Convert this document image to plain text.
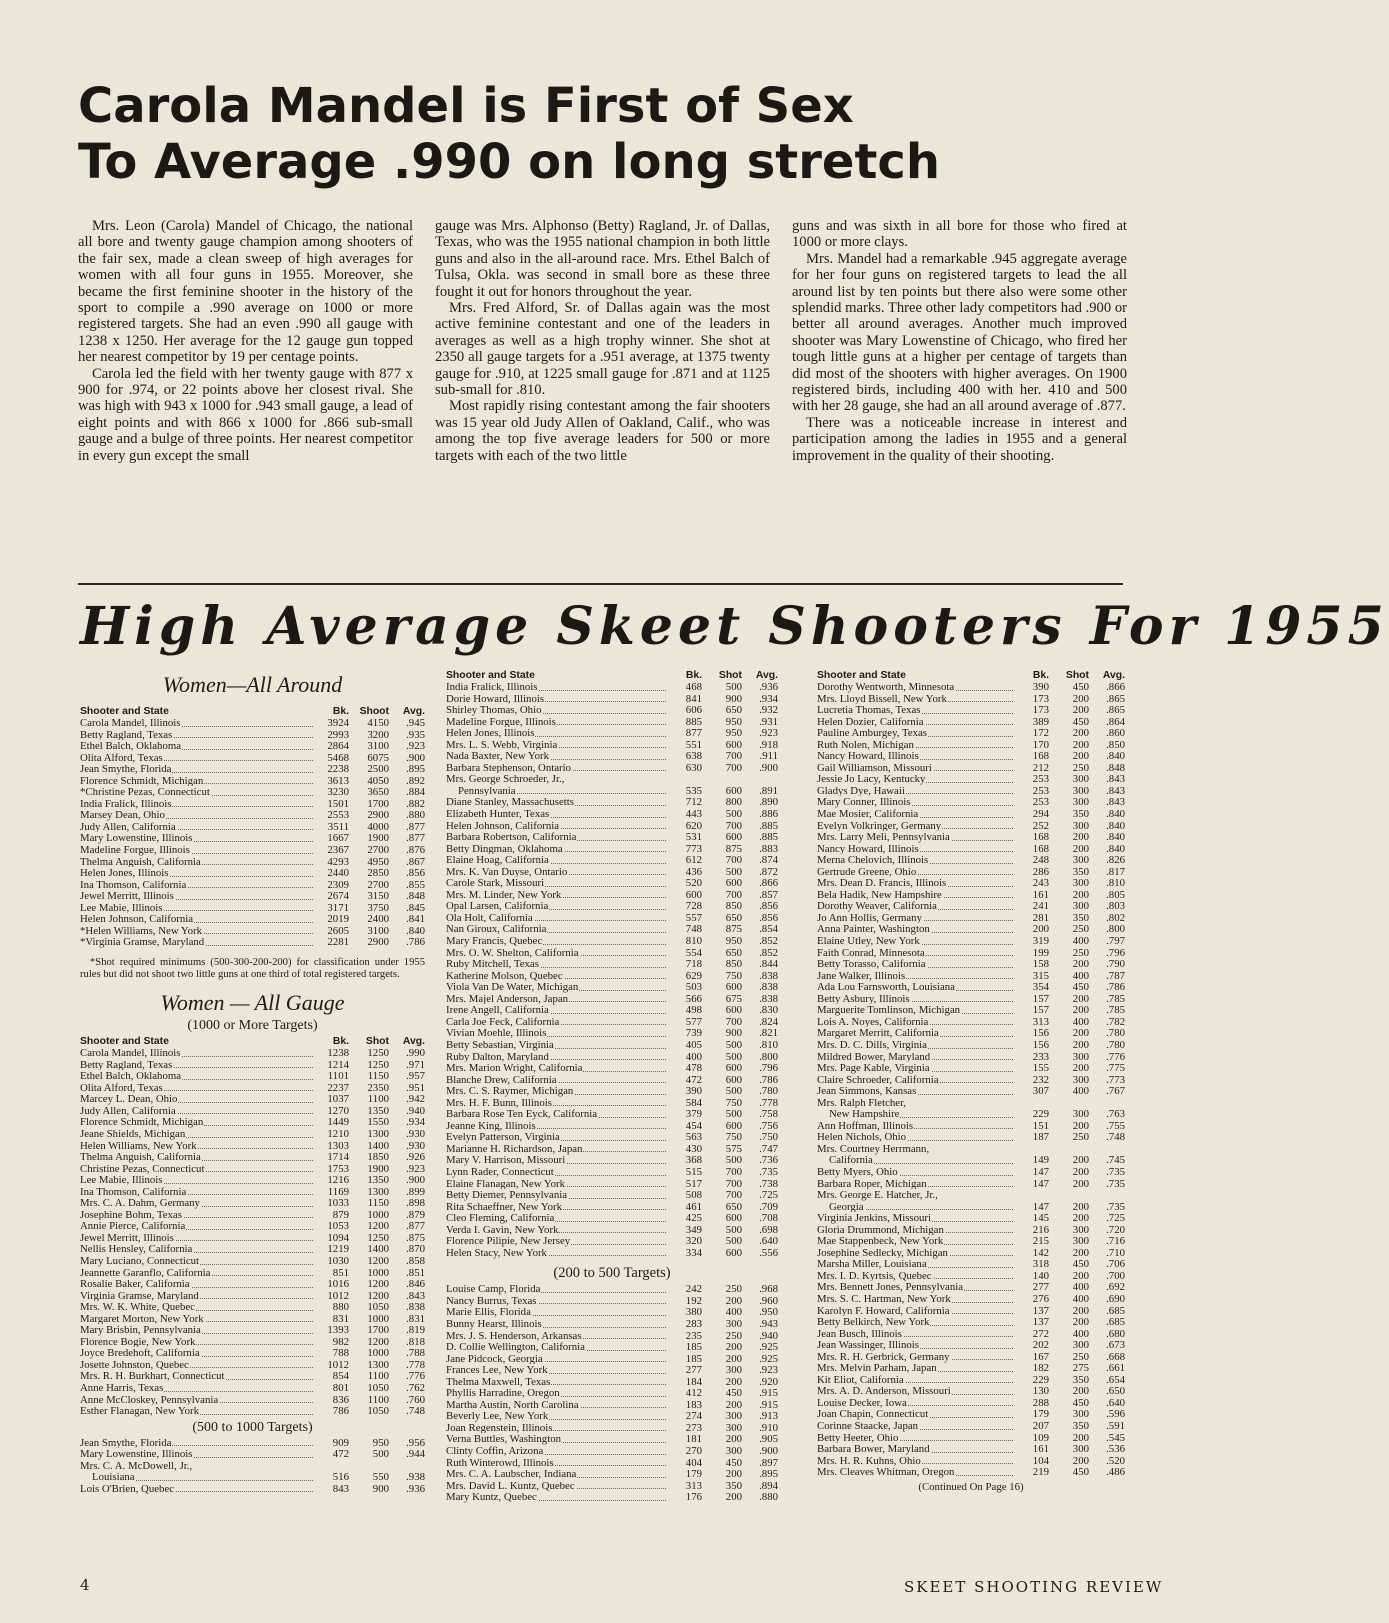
Carola Mandel is First of Sex
To Average .990 on long stretch

Mrs. Leon (Carola) Mandel of Chicago, the national all bore and twenty gauge champion among shooters of the fair sex, made a clean sweep of high averages for women with all four guns in 1955. Moreover, she became the first feminine shooter in the history of the sport to compile a .990 average on 1000 or more registered targets. She had an even .990 all gauge with 1238 x 1250. Her average for the 12 gauge gun topped her nearest competitor by 19 per centage points.

Carola led the field with her twenty gauge with 877 x 900 for .974, or 22 points above her closest rival. She was high with 943 x 1000 for .943 small gauge, a lead of eight points and with 866 x 1000 for .866 sub-small gauge and a bulge of three points. Her nearest competitor in every gun except the small

gauge was Mrs. Alphonso (Betty) Ragland, Jr. of Dallas, Texas, who was the 1955 national champion in both little guns and also in the all-around race. Mrs. Ethel Balch of Tulsa, Okla. was second in small bore as these three fought it out for honors throughout the year.

Mrs. Fred Alford, Sr. of Dallas again was the most active feminine contestant and one of the leaders in averages as well as a high trophy winner. She shot at 2350 all gauge targets for a .951 average, at 1375 twenty gauge for .910, at 1225 small gauge for .871 and at 1125 sub-small for .810.

Most rapidly rising contestant among the fair shooters was 15 year old Judy Allen of Oakland, Calif., who was among the top five average leaders for 500 or more targets with each of the two little

guns and was sixth in all bore for those who fired at 1000 or more clays.

Mrs. Mandel had a remarkable .945 aggregate average for her four guns on registered targets to lead the all around list by ten points but there also were some other splendid marks. Three other lady competitors had .900 or better all around averages. Another much improved shooter was Mary Lowenstine of Chicago, who fired her tough little guns at a higher per centage of targets than did most of the shooters with higher averages. On 1900 registered birds, including 400 with her. 410 and 500 with her 28 gauge, she had an all around average of .877.

There was a noticeable increase in interest and participation among the ladies in 1955 and a general improvement in the quality of their shooting.

High Average Skeet Shooters For 1955
Women—All Around
Shooter and State	Bk.	Shoot	Avg.
Carola Mandel, Illinois	3924	4150	.945
Betty Ragland, Texas	2993	3200	.935
Ethel Balch, Oklahoma	2864	3100	.923
Olita Alford, Texas	5468	6075	.900
Jean Smythe, Florida	2238	2500	.895
Florence Schmidt, Michigan	3613	4050	.892
*Christine Pezas, Connecticut	3230	3650	.884
India Fralick, Illinois	1501	1700	.882
Marsey Dean, Ohio	2553	2900	.880
Judy Allen, California	3511	4000	.877
Mary Lowenstine, Illinois	1667	1900	.877
Madeline Forgue, Illinois	2367	2700	.876
Thelma Anguish, California	4293	4950	.867
Helen Jones, Illinois	2440	2850	.856
Ina Thomson, California	2309	2700	.855
Jewel Merritt, Illinois	2674	3150	.848
Lee Mabie, Illinois	3171	3750	.845
Helen Johnson, California	2019	2400	.841
*Helen Williams, New York	2605	3100	.840
*Virginia Gramse, Maryland	2281	2900	.786
*Shot required minimums (500-300-200-200) for classification under 1955 rules but did not shoot two little guns at one third of total registered targets.
Women — All Gauge
(1000 or More Targets)
Shooter and State	Bk.	Shot	Avg.
Carola Mandel, Illinois	1238	1250	.990
Betty Ragland, Texas	1214	1250	.971
Ethel Balch, Oklahoma	1101	1150	.957
Olita Alford, Texas	2237	2350	.951
Marcey L. Dean, Ohio	1037	1100	.942
Judy Allen, California	1270	1350	.940
Florence Schmidt, Michigan	1449	1550	.934
Jeane Shields, Michigan	1210	1300	.930
Helen Williams, New York	1303	1400	.930
Thelma Anguish, California	1714	1850	.926
Christine Pezas, Connecticut	1753	1900	.923
Lee Mabie, Illinois	1216	1350	.900
Ina Thomson, California	1169	1300	.899
Mrs. C. A. Dahm, Germany	1033	1150	.898
Josephine Bohm, Texas	879	1000	.879
Annie Pierce, California	1053	1200	.877
Jewel Merritt, Illinois	1094	1250	.875
Nellis Hensley, California	1219	1400	.870
Mary Luciano, Connecticut	1030	1200	.858
Jeannette Garanflo, California	851	1000	.851
Rosalie Baker, California	1016	1200	.846
Virginia Gramse, Maryland	1012	1200	.843
Mrs. W. K. White, Quebec	880	1050	.838
Margaret Morton, New York	831	1000	.831
Mary Brisbin, Pennsylvania	1393	1700	.819
Florence Bogie, New York	982	1200	.818
Joyce Bredehoft, California	788	1000	.788
Josette Johnston, Quebec	1012	1300	.778
Mrs. R. H. Burkhart, Connecticut	854	1100	.776
Anne Harris, Texas	801	1050	.762
Anne McCloskey, Pennsylvania	836	1100	.760
Esther Flanagan, New York	786	1050	.748
(500 to 1000 Targets)
Jean Smythe, Florida	909	950	.956
Mary Lowenstine, Illinois	472	500	.944
Mrs. C. A. McDowell, Jr.,
Louisiana	516	550	.938
Lois O'Brien, Quebec	843	900	.936
Shooter and State	Bk.	Shot	Avg.
India Fralick, Illinois	468	500	.936
Dorie Howard, Illinois	841	900	.934
Shirley Thomas, Ohio	606	650	.932
Madeline Forgue, Illinois	885	950	.931
Helen Jones, Illinois	877	950	.923
Mrs. L. S. Webb, Virginia	551	600	.918
Nada Baxter, New York	638	700	.911
Barbara Stephenson, Ontario	630	700	.900
Mrs. George Schroeder, Jr.,
Pennsylvania	535	600	.891
Diane Stanley, Massachusetts	712	800	.890
Elizabeth Hunter, Texas	443	500	.886
Helen Johnson, California	620	700	.885
Barbara Robertson, California	531	600	.885
Betty Dingman, Oklahoma	773	875	.883
Elaine Hoag, California	612	700	.874
Mrs. K. Van Duyse, Ontario	436	500	.872
Carole Stark, Missouri	520	600	.866
Mrs. M. Linder, New York	600	700	.857
Opal Larsen, California	728	850	.856
Ola Holt, California	557	650	.856
Nan Giroux, California	748	875	.854
Mary Francis, Quebec	810	950	.852
Mrs. O. W. Shelton, California	554	650	.852
Ruby Mitchell, Texas	718	850	.844
Katherine Molson, Quebec	629	750	.838
Viola Van De Water, Michigan	503	600	.838
Mrs. Majel Anderson, Japan	566	675	.838
Irene Angell, California	498	600	.830
Carla Joe Feck, California	577	700	.824
Vivian Moehle, Illinois	739	900	.821
Betty Sebastian, Virginia	405	500	.810
Ruby Dalton, Maryland	400	500	.800
Mrs. Marion Wright, California	478	600	.796
Blanche Drew, California	472	600	.786
Mrs. C. S. Raymer, Michigan	390	500	.780
Mrs. H. F. Bunn, Illinois	584	750	.778
Barbara Rose Ten Eyck, California	379	500	.758
Jeanne King, Illinois	454	600	.756
Evelyn Patterson, Virginia	563	750	.750
Marianne H. Richardson, Japan	430	575	.747
Mary V. Harrison, Missouri	368	500	.736
Lynn Rader, Connecticut	515	700	.735
Elaine Flanagan, New York	517	700	.738
Betty Diemer, Pennsylvania	508	700	.725
Rita Schaeffner, New York	461	650	.709
Cleo Fleming, California	425	600	.708
Verda I. Gavin, New York	349	500	.698
Florence Pilipie, New Jersey	320	500	.640
Helen Stacy, New York	334	600	.556
(200 to 500 Targets)
Louise Camp, Florida	242	250	.968
Nancy Burrus, Texas	192	200	.960
Marie Ellis, Florida	380	400	.950
Bunny Hearst, Illinois	283	300	.943
Mrs. J. S. Henderson, Arkansas	235	250	.940
D. Collie Wellington, California	185	200	.925
Jane Pidcock, Georgia	185	200	.925
Frances Lee, New York	277	300	.923
Thelma Maxwell, Texas	184	200	.920
Phyllis Harradine, Oregon	412	450	.915
Martha Austin, North Carolina	183	200	.915
Beverly Lee, New York	274	300	.913
Joan Regenstein, Illinois	273	300	.910
Verna Buttles, Washington	181	200	.905
Clinty Coffin, Arizona	270	300	.900
Ruth Winterowd, Illinois	404	450	.897
Mrs. C. A. Laubscher, Indiana	179	200	.895
Mrs. David L. Kuntz, Quebec	313	350	.894
Mary Kuntz, Quebec	176	200	.880
Shooter and State	Bk.	Shot	Avg.
Dorothy Wentworth, Minnesota	390	450	.866
Mrs. Lloyd Bissell, New York	173	200	.865
Lucretia Thomas, Texas	173	200	.865
Helen Dozier, California	389	450	.864
Pauline Amburgey, Texas	172	200	.860
Ruth Nolen, Michigan	170	200	.850
Nancy Howard, Illinois	168	200	.840
Gail Williamson, Missouri	212	250	.848
Jessie Jo Lacy, Kentucky	253	300	.843
Gladys Dye, Hawaii	253	300	.843
Mary Conner, Illinois	253	300	.843
Mae Mosier, California	294	350	.840
Evelyn Volkringer, Germany	252	300	.840
Mrs. Larry Meli, Pennsylvania	168	200	.840
Nancy Howard, Illinois	168	200	.840
Merna Chelovich, Illinois	248	300	.826
Gertrude Greene, Ohio	286	350	.817
Mrs. Dean D. Francis, Illinois	243	300	.810
Bela Hadik, New Hampshire	161	200	.805
Dorothy Weaver, California	241	300	.803
Jo Ann Hollis, Germany	281	350	.802
Anna Painter, Washington	200	250	.800
Elaine Utley, New York	319	400	.797
Faith Conrad, Minnesota	199	250	.796
Betty Torasso, California	158	200	.790
Jane Walker, Illinois	315	400	.787
Ada Lou Farnsworth, Louisiana	354	450	.786
Betty Asbury, Illinois	157	200	.785
Marguerite Tomlinson, Michigan	157	200	.785
Lois A. Noyes, California	313	400	.782
Margaret Merritt, California	156	200	.780
Mrs. D. C. Dills, Virginia	156	200	.780
Mildred Bower, Maryland	233	300	.776
Mrs. Page Kable, Virginia	155	200	.775
Claire Schroeder, California	232	300	.773
Jean Simmons, Kansas	307	400	.767
Mrs. Ralph Fletcher,
New Hampshire	229	300	.763
Ann Hoffman, Illinois	151	200	.755
Helen Nichols, Ohio	187	250	.748
Mrs. Courtney Herrmann,
California	149	200	.745
Betty Myers, Ohio	147	200	.735
Barbara Roper, Michigan	147	200	.735
Mrs. George E. Hatcher, Jr.,
Georgia	147	200	.735
Virginia Jenkins, Missouri	145	200	.725
Gloria Drummond, Michigan	216	300	.720
Mae Stappenbeck, New York	215	300	.716
Josephine Sedlecky, Michigan	142	200	.710
Marsha Miller, Louisiana	318	450	.706
Mrs. I. D. Kyrtsis, Quebec	140	200	.700
Mrs. Bennett Jones, Pennsylvania	277	400	.692
Mrs. S. C. Hartman, New York	276	400	.690
Karolyn F. Howard, California	137	200	.685
Betty Belkirch, New York	137	200	.685
Jean Busch, Illinois	272	400	.680
Jean Wassinger, Illinois	202	300	.673
Mrs. R. H. Gerbrick, Germany	167	250	.668
Mrs. Melvin Parham, Japan	182	275	.661
Kit Eliot, California	229	350	.654
Mrs. A. D. Anderson, Missouri	130	200	.650
Louise Decker, Iowa	288	450	.640
Joan Chapin, Connecticut	179	300	.596
Corinne Staacke, Japan	207	350	.591
Betty Heeter, Ohio	109	200	.545
Barbara Bower, Maryland	161	300	.536
Mrs. H. R. Kuhns, Ohio	104	200	.520
Mrs. Cleaves Whitman, Oregon	219	450	.486
(Continued On Page 16)
4	SKEET SHOOTING REVIEW
